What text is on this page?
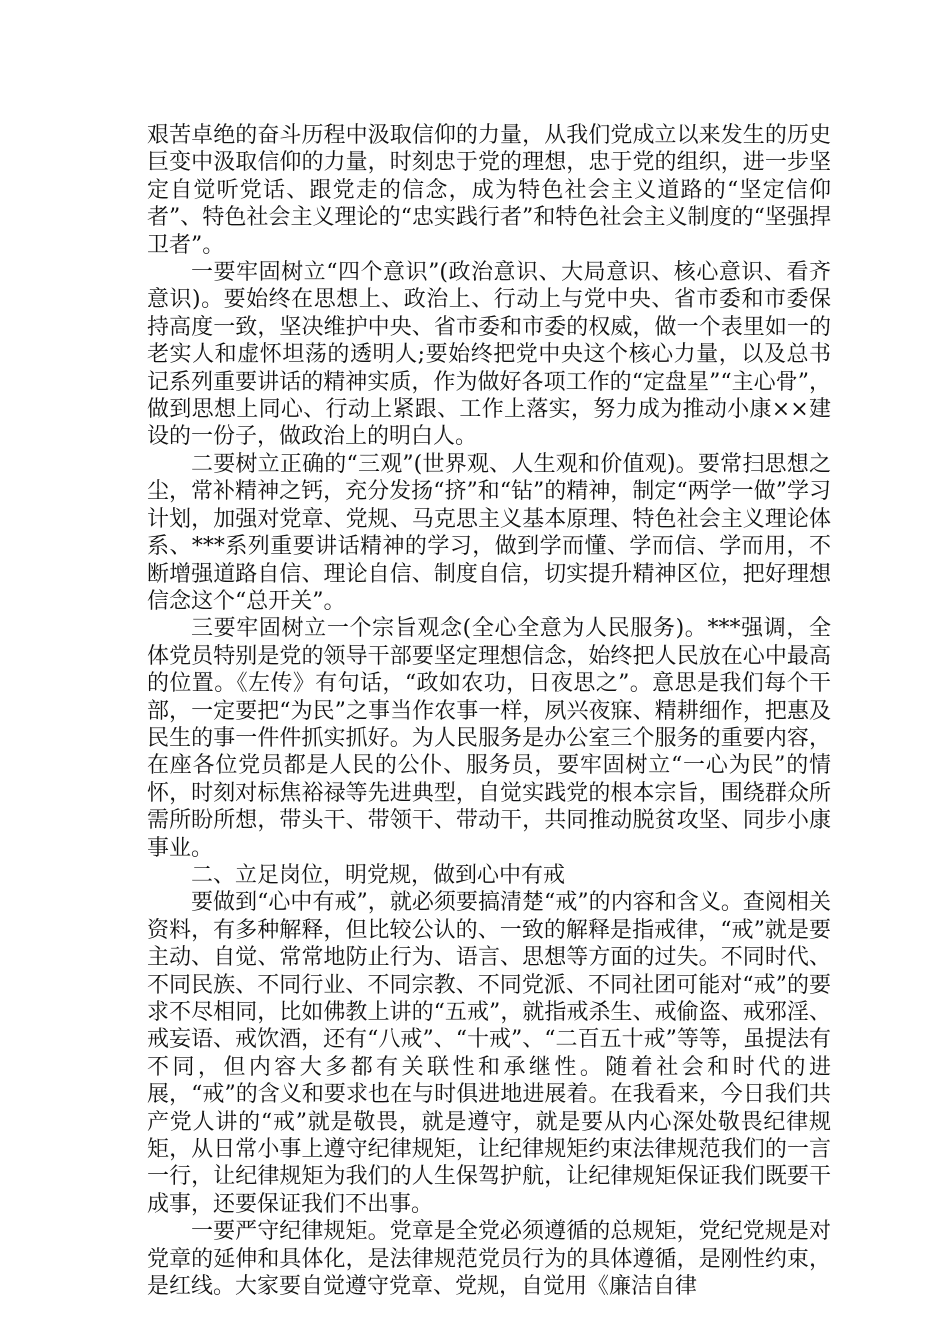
艰苦卓绝的奋斗历程中汲取信仰的力量，从我们党成立以来发生的历史巨变中汲取信仰的力量，时刻忠于党的理想，忠于党的组织，进一步坚定自觉听党话、跟党走的信念，成为特色社会主义道路的“坚定信仰者”、特色社会主义理论的“忠实践行者”和特色社会主义制度的“坚强捍卫者”。

一要牢固树立“四个意识”(政治意识、大局意识、核心意识、看齐意识)。要始终在思想上、政治上、行动上与党中央、省市委和市委保持高度一致，坚决维护中央、省市委和市委的权威，做一个表里如一的老实人和虚怀坦荡的透明人;要始终把党中央这个核心力量，以及总书记系列重要讲话的精神实质，作为做好各项工作的“定盘星”“主心骨”，做到思想上同心、行动上紧跟、工作上落实，努力成为推动小康××建设的一份子，做政治上的明白人。

二要树立正确的“三观”(世界观、人生观和价值观)。要常扫思想之尘，常补精神之钙，充分发扬“挤”和“钻”的精神，制定“两学一做”学习计划，加强对党章、党规、马克思主义基本原理、特色社会主义理论体系、***系列重要讲话精神的学习，做到学而懂、学而信、学而用，不断增强道路自信、理论自信、制度自信，切实提升精神区位，把好理想信念这个“总开关”。

三要牢固树立一个宗旨观念(全心全意为人民服务)。***强调，全体党员特别是党的领导干部要坚定理想信念，始终把人民放在心中最高的位置。《左传》有句话，“政如农功，日夜思之”。意思是我们每个干部，一定要把“为民”之事当作农事一样，夙兴夜寐、精耕细作，把惠及民生的事一件件抓实抓好。为人民服务是办公室三个服务的重要内容，在座各位党员都是人民的公仆、服务员，要牢固树立“一心为民”的情怀，时刻对标焦裕禄等先进典型，自觉实践党的根本宗旨，围绕群众所需所盼所想，带头干、带领干、带动干，共同推动脱贫攻坚、同步小康事业。

二、立足岗位，明党规，做到心中有戒

要做到“心中有戒”，就必须要搞清楚“戒”的内容和含义。查阅相关资料，有多种解释，但比较公认的、一致的解释是指戒律，“戒”就是要主动、自觉、常常地防止行为、语言、思想等方面的过失。不同时代、不同民族、不同行业、不同宗教、不同党派、不同社团可能对“戒”的要求不尽相同，比如佛教上讲的“五戒”，就指戒杀生、戒偷盗、戒邪淫、戒妄语、戒饮酒，还有“八戒”、“十戒”、“二百五十戒”等等，虽提法有不同，但内容大多都有关联性和承继性。随着社会和时代的进展，“戒”的含义和要求也在与时俱进地进展着。在我看来，今日我们共产党人讲的“戒”就是敬畏，就是遵守，就是要从内心深处敬畏纪律规矩，从日常小事上遵守纪律规矩，让纪律规矩约束法律规范我们的一言一行，让纪律规矩为我们的人生保驾护航，让纪律规矩保证我们既要干成事，还要保证我们不出事。

一要严守纪律规矩。党章是全党必须遵循的总规矩，党纪党规是对党章的延伸和具体化，是法律规范党员行为的具体遵循，是刚性约束，是红线。大家要自觉遵守党章、党规，自觉用《廉洁自律
